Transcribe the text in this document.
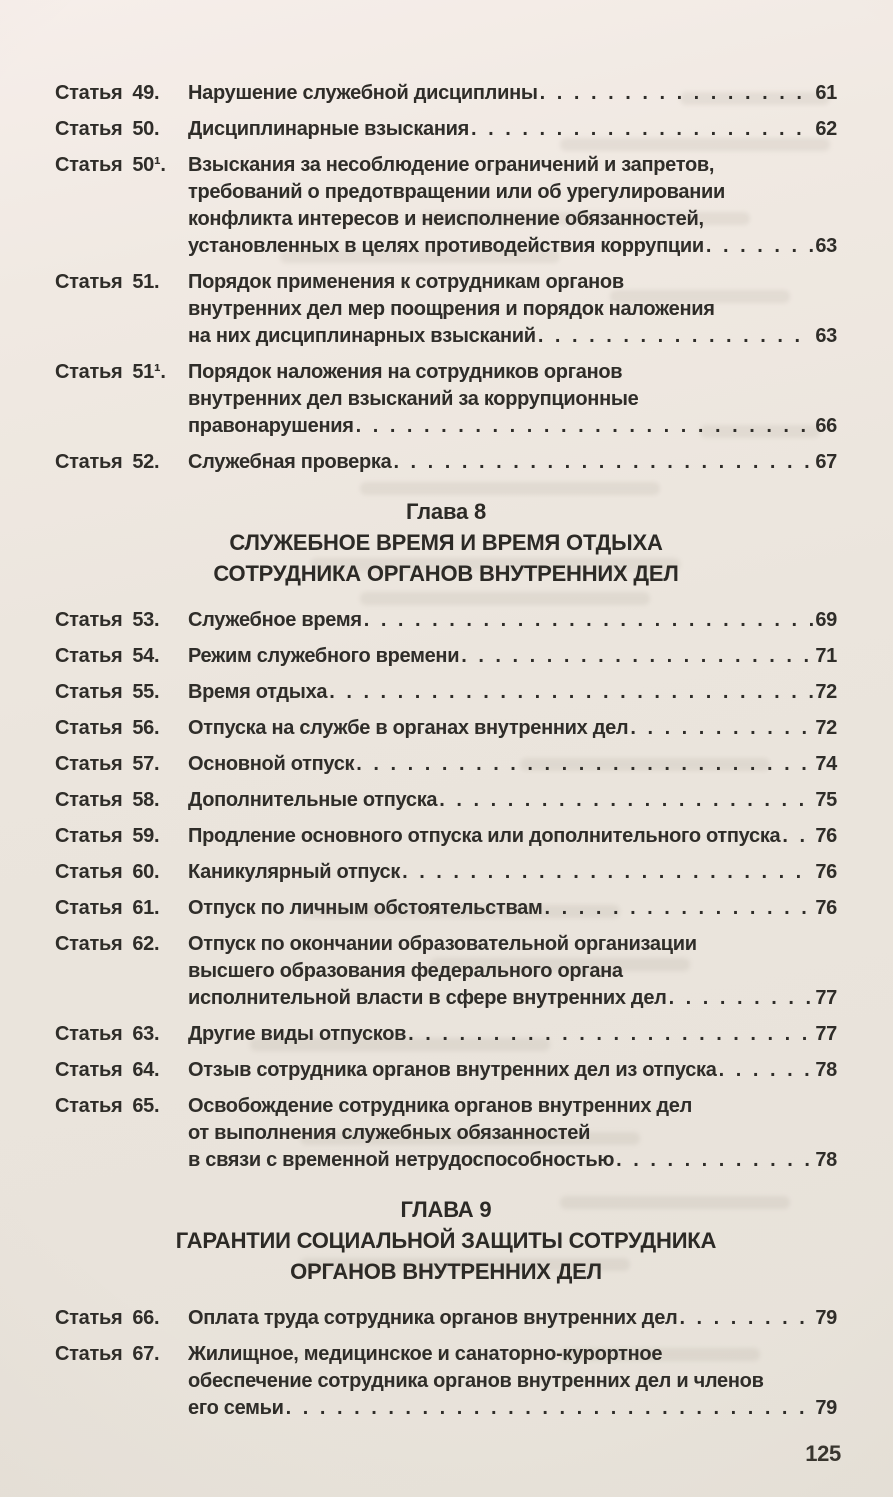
Статья 49. Нарушение служебной дисциплины . . .	61
Статья 50. Дисциплинарные взыскания . . .	62
Статья 50¹. Взыскания за несоблюдение ограничений и запретов,
требований о предотвращении или об урегулировании
конфликта интересов и неисполнение обязанностей,
установленных в целях противодействия коррупции . . .	63
Статья 51. Порядок применения к сотрудникам органов
внутренних дел мер поощрения и порядок наложения
на них дисциплинарных взысканий . . .	63
Статья 51¹. Порядок наложения на сотрудников органов
внутренних дел взысканий за коррупционные
правонарушения . . .	66
Статья 52. Служебная проверка . . .	67
Глава 8
СЛУЖЕБНОЕ ВРЕМЯ И ВРЕМЯ ОТДЫХА
СОТРУДНИКА ОРГАНОВ ВНУТРЕННИХ ДЕЛ
Статья 53. Служебное время . . .	69
Статья 54. Режим служебного времени . . .	71
Статья 55. Время отдыха . . .	72
Статья 56. Отпуска на службе в органах внутренних дел . . .	72
Статья 57. Основной отпуск . . .	74
Статья 58. Дополнительные отпуска . . .	75
Статья 59. Продление основного отпуска или дополнительного отпуска . . . 76
Статья 60. Каникулярный отпуск . . .	76
Статья 61. Отпуск по личным обстоятельствам . . .	76
Статья 62. Отпуск по окончании образовательной организации
высшего образования федерального органа
исполнительной власти в сфере внутренних дел . . .	77
Статья 63. Другие виды отпусков . . .	77
Статья 64. Отзыв сотрудника органов внутренних дел из отпуска . . .	78
Статья 65. Освобождение сотрудника органов внутренних дел
от выполнения служебных обязанностей
в связи с временной нетрудоспособностью . . .	78
ГЛАВА 9
ГАРАНТИИ СОЦИАЛЬНОЙ ЗАЩИТЫ СОТРУДНИКА
ОРГАНОВ ВНУТРЕННИХ ДЕЛ
Статья 66. Оплата труда сотрудника органов внутренних дел . . .	79
Статья 67. Жилищное, медицинское и санаторно-курортное
обеспечение сотрудника органов внутренних дел и членов
его семьи . . .	79
125
